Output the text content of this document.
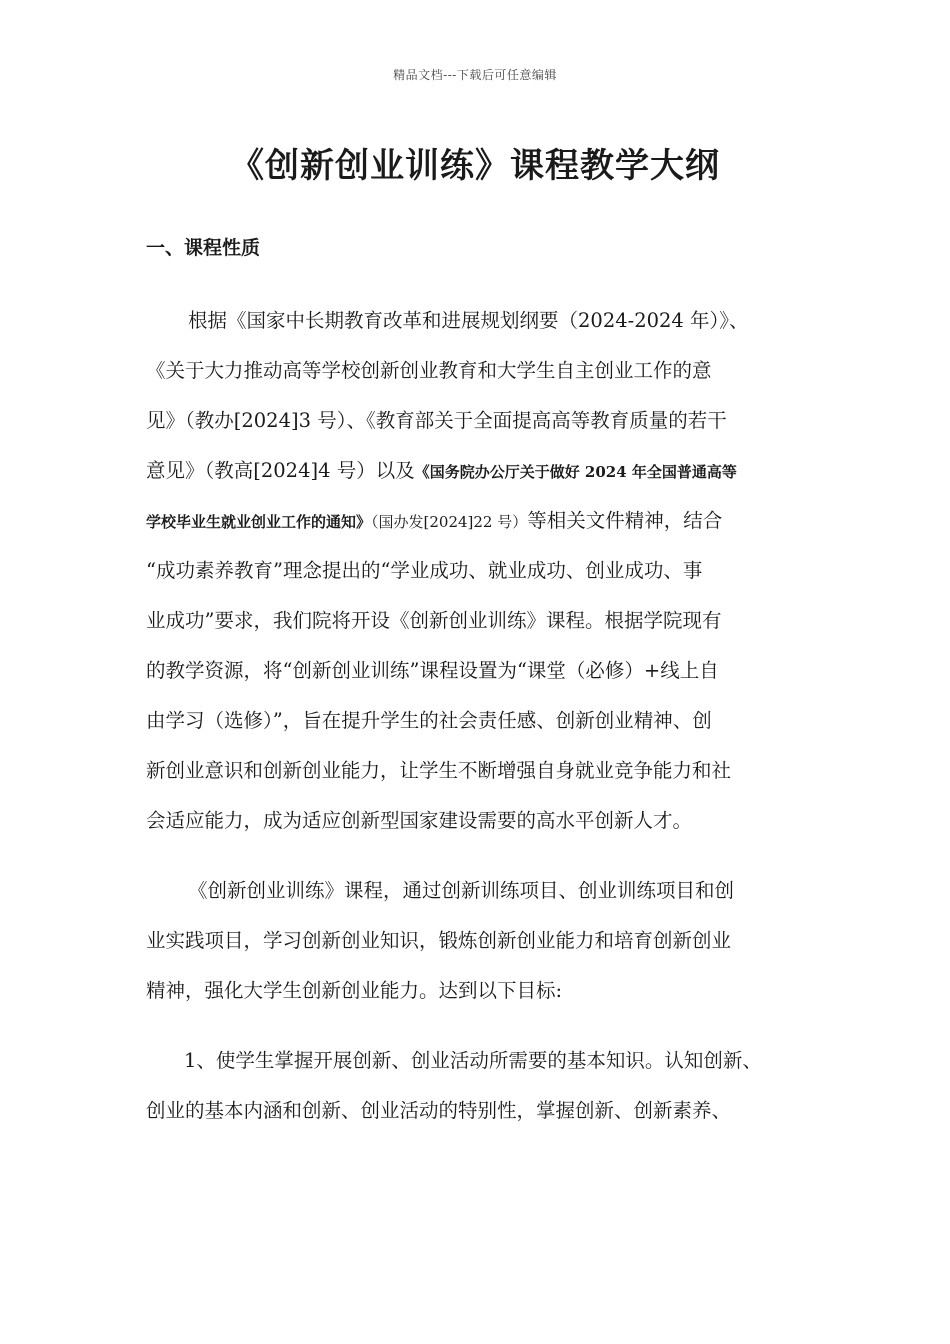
精品文档---下载后可任意编辑
《创新创业训练》课程教学大纲
一、课程性质
根据《国家中长期教育改革和进展规划纲要（2024-2024 年）》、
《关于大力推动高等学校创新创业教育和大学生自主创业工作的意
见》（教办[2024]3 号）、《教育部关于全面提高高等教育质量的若干
意见》（教高[2024]4 号）以及《国务院办公厅关于做好 2024 年全国普通高等
学校毕业生就业创业工作的通知》（国办发[2024]22 号）等相关文件精神，结合
“成功素养教育”理念提出的“学业成功、就业成功、创业成功、事
业成功”要求，我们院将开设《创新创业训练》课程。根据学院现有
的教学资源，将“创新创业训练”课程设置为“课堂（必修）+线上自
由学习（选修）”，旨在提升学生的社会责任感、创新创业精神、创
新创业意识和创新创业能力，让学生不断增强自身就业竞争能力和社
会适应能力，成为适应创新型国家建设需要的高水平创新人才。
《创新创业训练》课程，通过创新训练项目、创业训练项目和创
业实践项目，学习创新创业知识，锻炼创新创业能力和培育创新创业
精神，强化大学生创新创业能力。达到以下目标:
1、使学生掌握开展创新、创业活动所需要的基本知识。认知创新、
创业的基本内涵和创新、创业活动的特别性，掌握创新、创新素养、
